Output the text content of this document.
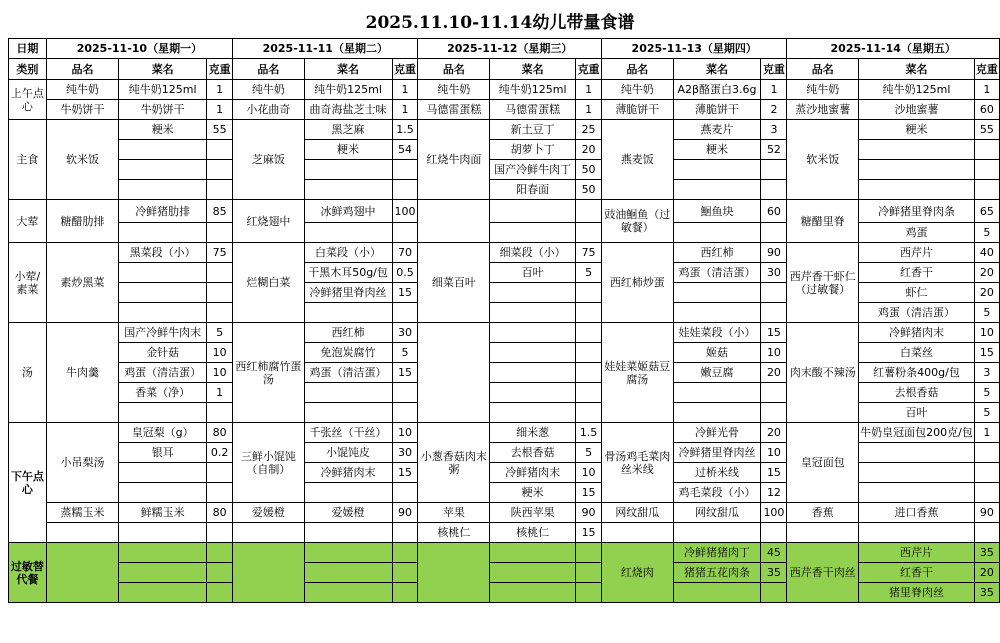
2025.11.10-11.14幼儿带量食谱
日期	2025-11-10（星期一）			2025-11-11（星期二）			2025-11-12（星期三）			2025-11-13（星期四）			2025-11-14（星期五）		
类别	品名	菜名	克重	品名	菜名	克重	品名	菜名	克重	品名	菜名	克重	品名	菜名	克重
上午点心	纯牛奶	纯牛奶125ml	1	纯牛奶	纯牛奶125ml	1	纯牛奶	纯牛奶125ml	1	纯牛奶	A2β酪蛋白3.6g	1	纯牛奶	纯牛奶125ml	1
	牛奶饼干	牛奶饼干	1	小花曲奇	曲奇海盐芝士味	1	马德雷蛋糕	马德雷蛋糕	1	薄脆饼干	薄脆饼干	2	蒸沙地蜜薯	沙地蜜薯	60
主食	软米饭	粳米	55	芝麻饭	黑芝麻	1.5	红烧牛肉面	新土豆丁	25	燕麦饭	燕麦片	3	软米饭	粳米	55
					粳米	54		胡萝卜丁	20		粳米	52			
								国产冷鲜牛肉丁	50						
								阳春面	50						
大荤	糖醋肋排	冷鲜猪肋排	85	红烧翅中	冰鲜鸡翅中	100				豉油鮰鱼（过敏餐）	鮰鱼块	60	糖醋里脊	冷鲜猪里脊肉条	65
														鸡蛋	5
小荤/素菜	素炒黑菜	黑菜段（小）	75	烂糊白菜	白菜段（小）	70	细菜百叶	细菜段（小）	75	西红柿炒蛋	西红柿	90	西芹香干虾仁（过敏餐）	西芹片	40
					干黑木耳50g/包	0.5		百叶	5		鸡蛋（清洁蛋）	30		红香干	20
					冷鲜猪里脊肉丝	15								虾仁	20
														鸡蛋（清洁蛋）	5
汤	牛肉羹	国产冷鲜牛肉末	5	西红柿腐竹蛋汤	西红柿	30				娃娃菜姬菇豆腐汤	娃娃菜段（小）	15	肉末酸不辣汤	冷鲜猪肉末	10
		金针菇	10		免泡炭腐竹	5					姬菇	10		白菜丝	15
		鸡蛋（清洁蛋）	10		鸡蛋（清洁蛋）	15					嫩豆腐	20		红薯粉条400g/包	3
		香菜（净）	1											去根香菇	5
														百叶	5
下午点心	小吊梨汤	皇冠梨（g）	80	三鲜小馄饨（自制）	千张丝（干丝）	10	小葱香菇肉末粥	细米葱	1.5	骨汤鸡毛菜肉丝米线	冷鲜光骨	20	皇冠面包	牛奶皇冠面包200克/包	1
		银耳	0.2		小馄饨皮	30		去根香菇	5		冷鲜猪里脊肉丝	10			
					冷鲜猪肉末	15		冷鲜猪肉末	10		过桥米线	15			
								粳米	15		鸡毛菜段（小）	12			
	蒸糯玉米	鲜糯玉米	80	爱媛橙	爱媛橙	90	苹果	陕西苹果	90	网纹甜瓜	网纹甜瓜	100	香蕉	进口香蕉	90
							核桃仁	核桃仁	15						
过敏替代餐										红烧肉	冷鲜猪猪肉丁	45	西芹香干肉丝	西芹片	35
											猪猪五花肉条	35		红香干	20
														猪里脊肉丝	35
